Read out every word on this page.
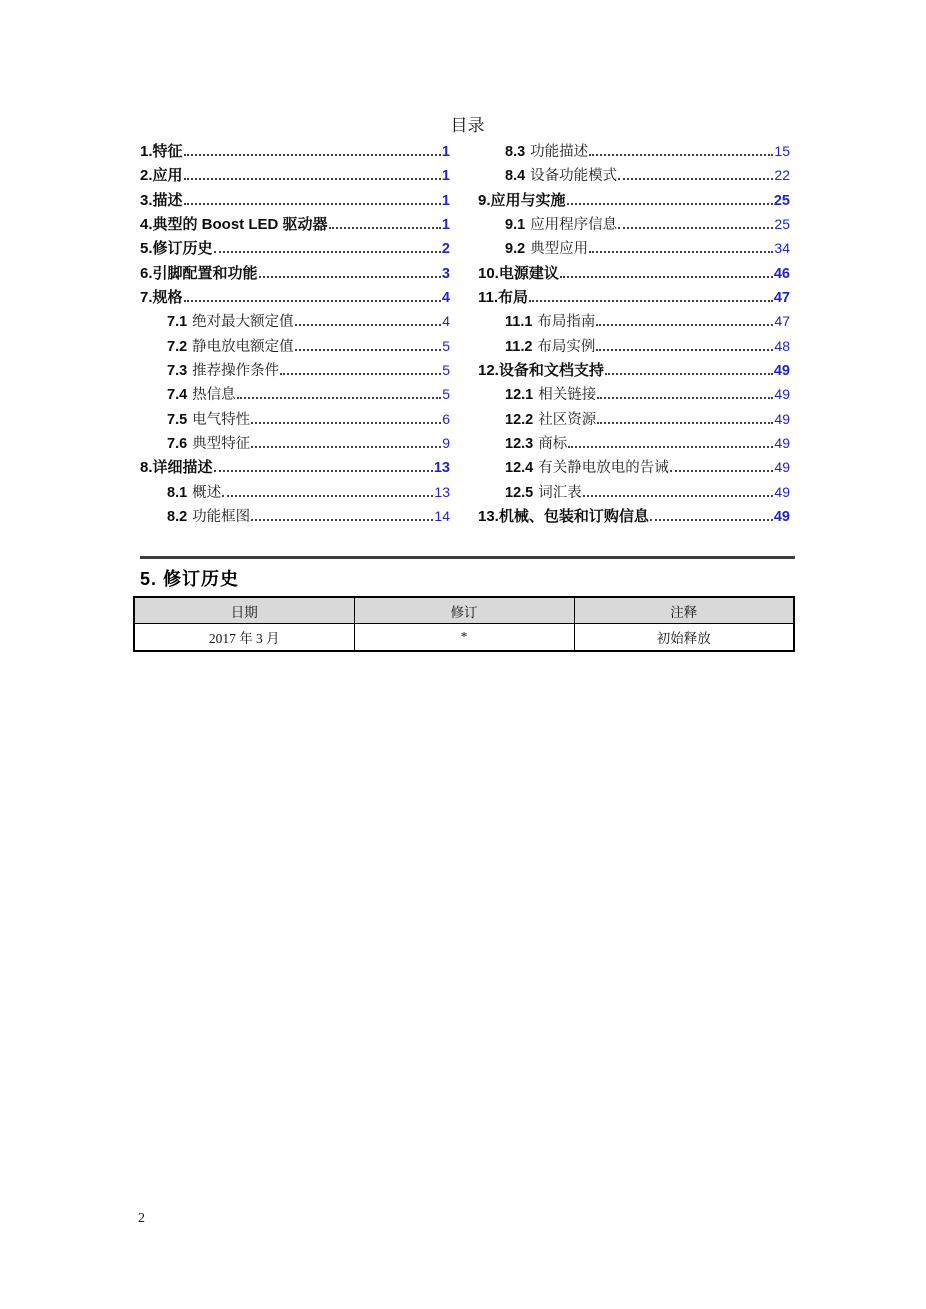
目录
1. 特征	1
2. 应用	1
3. 描述	1
4. 典型的 Boost LED 驱动器	1
5. 修订历史	2
6. 引脚配置和功能	3
7. 规格	4
7.1 绝对最大额定值	4
7.2 静电放电额定值	5
7.3 推荐操作条件	5
7.4 热信息	5
7.5 电气特性	6
7.6 典型特征	9
8. 详细描述	13
8.1 概述	13
8.2 功能框图	14
8.3 功能描述	15
8.4 设备功能模式	22
9. 应用与实施	25
9.1 应用程序信息	25
9.2 典型应用	34
10. 电源建议	46
11. 布局	47
11.1 布局指南	47
11.2 布局实例	48
12. 设备和文档支持	49
12.1 相关链接	49
12.2 社区资源	49
12.3 商标	49
12.4 有关静电放电的告诫	49
12.5 词汇表	49
13. 机械、包装和订购信息	49
5. 修订历史
日期	修订	注释
2017 年 3 月	*	初始释放
2
